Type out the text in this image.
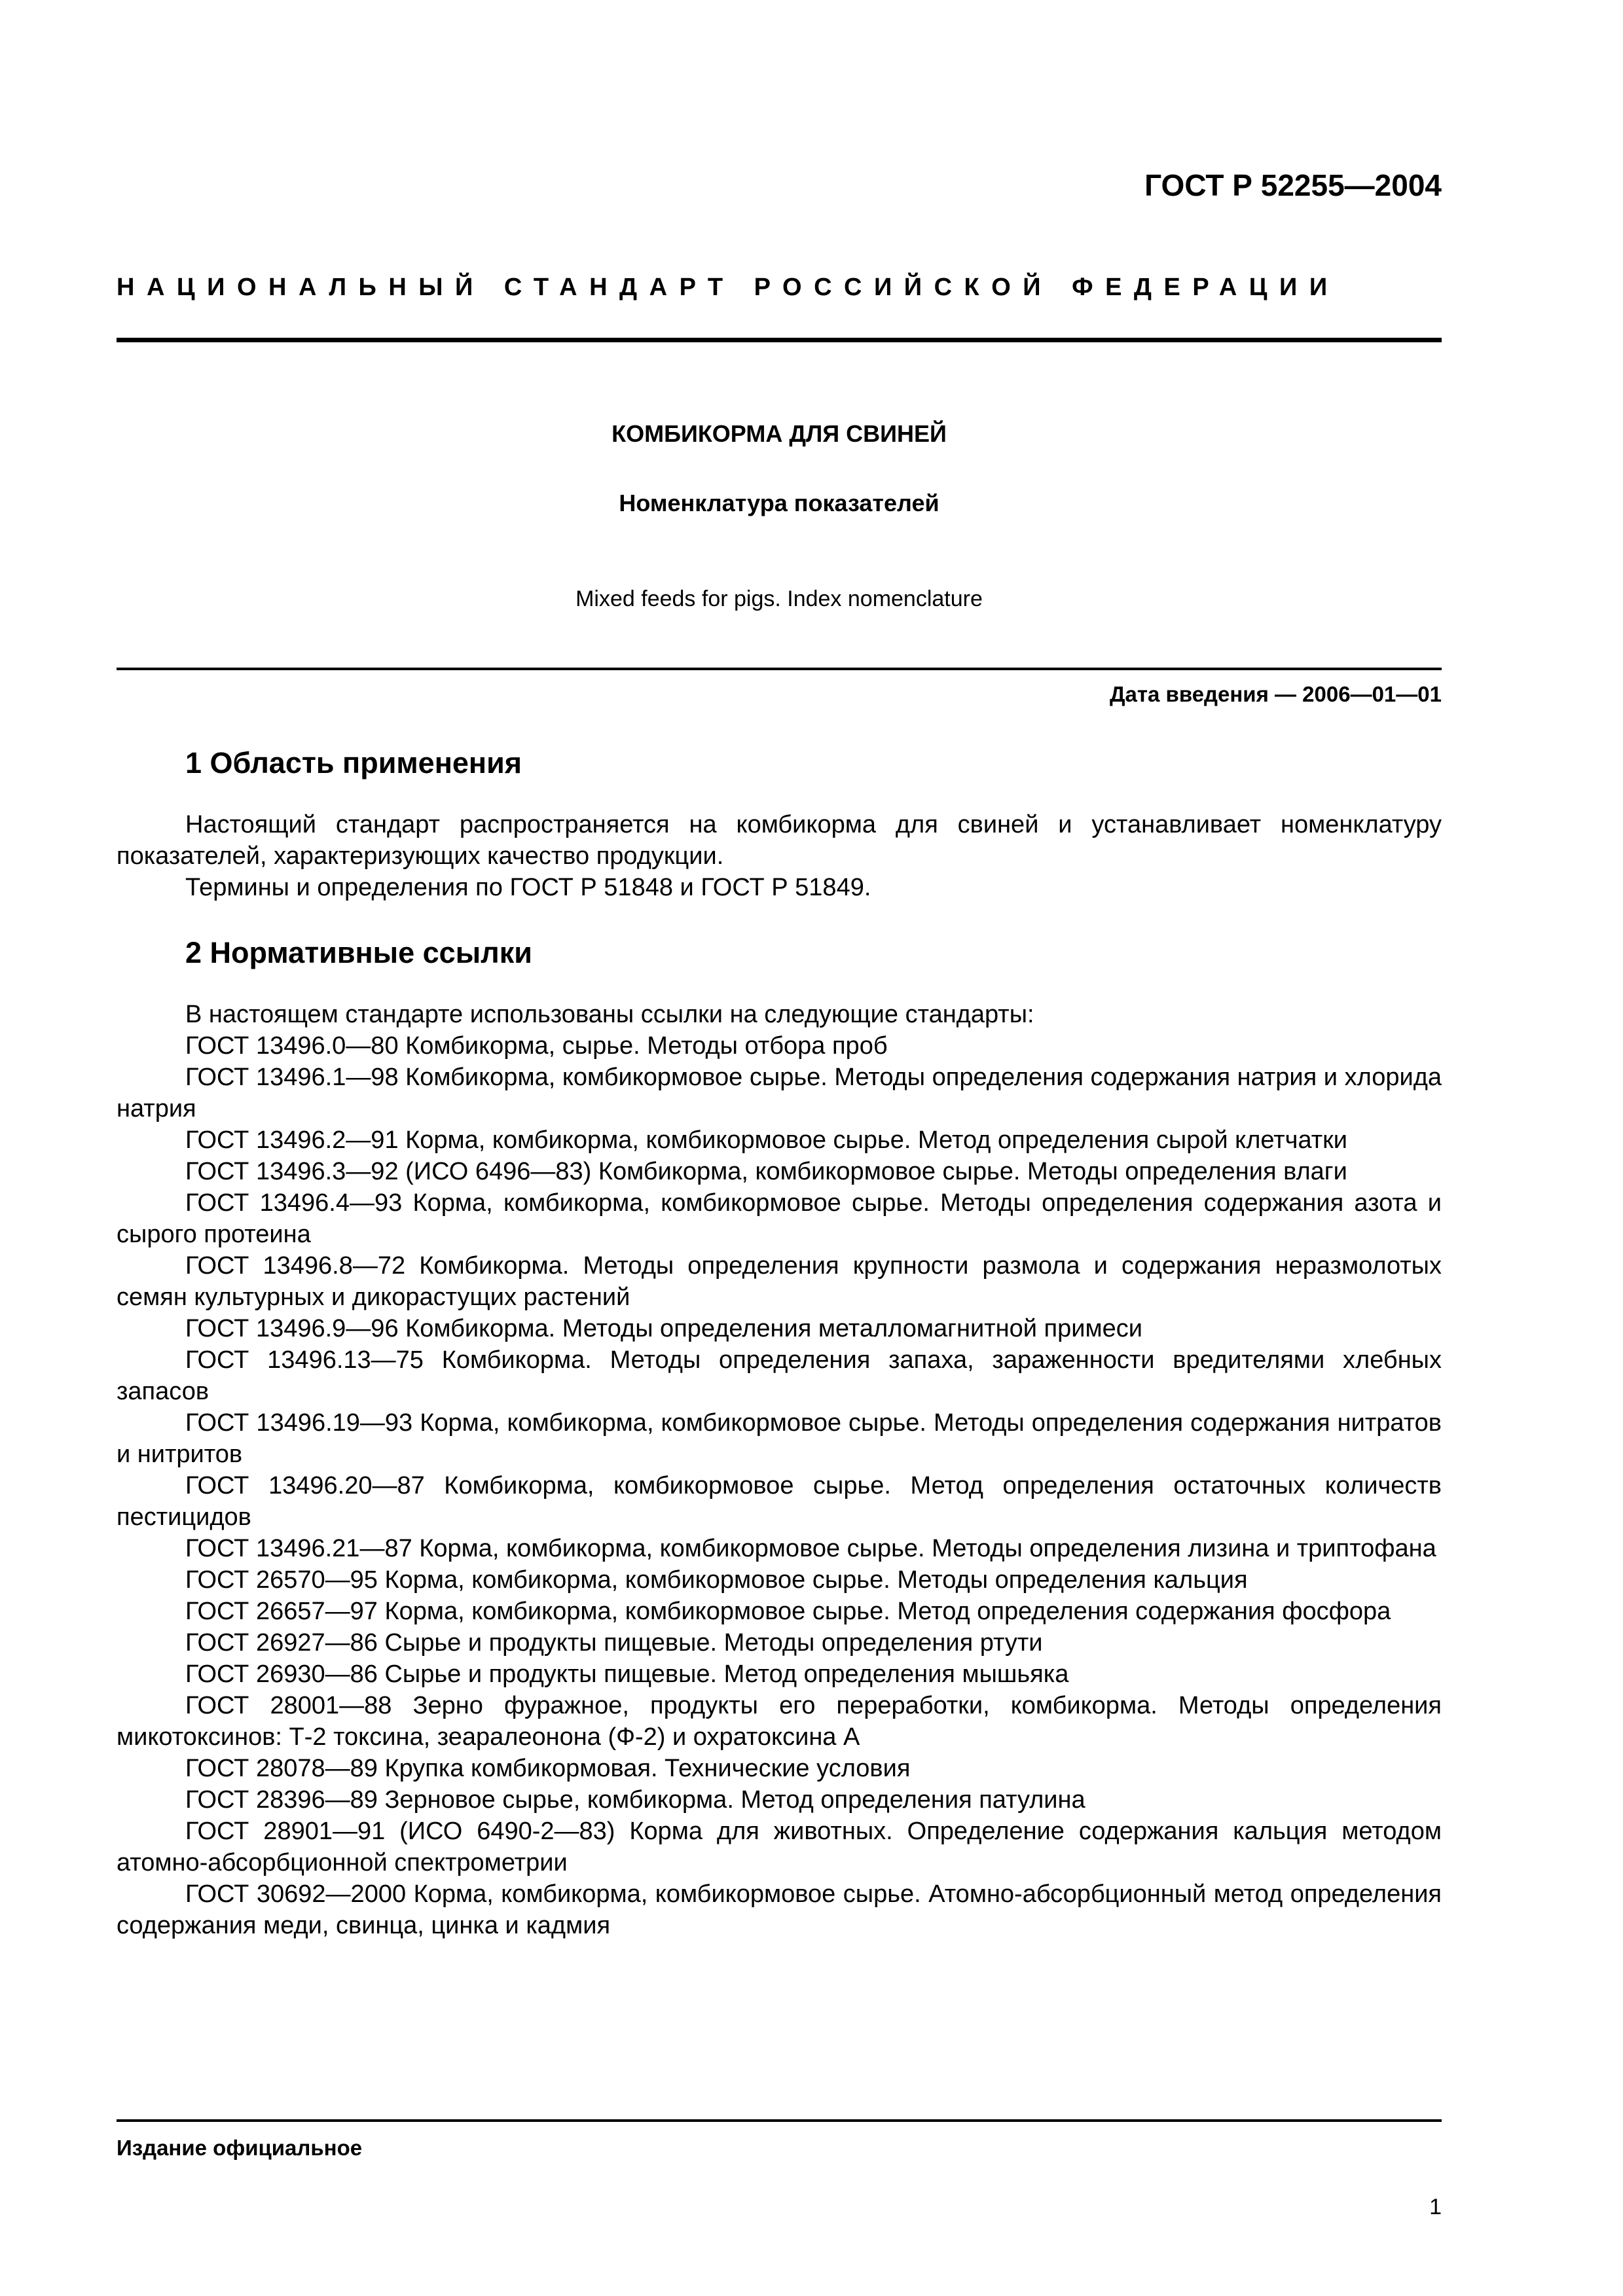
ГОСТ Р 52255—2004
НАЦИОНАЛЬНЫЙ СТАНДАРТ РОССИЙСКОЙ ФЕДЕРАЦИИ
КОМБИКОРМА ДЛЯ СВИНЕЙ
Номенклатура показателей
Mixed feeds for pigs. Index nomenclature
Дата введения — 2006—01—01
1 Область применения

Настоящий стандарт распространяется на комбикорма для свиней и устанавливает номенклатуру показателей, характеризующих качество продукции.

Термины и определения по ГОСТ Р 51848 и ГОСТ Р 51849.

2 Нормативные ссылки

В настоящем стандарте использованы ссылки на следующие стандарты:

ГОСТ 13496.0—80 Комбикорма, сырье. Методы отбора проб

ГОСТ 13496.1—98 Комбикорма, комбикормовое сырье. Методы определения содержания натрия и хлорида натрия

ГОСТ 13496.2—91 Корма, комбикорма, комбикормовое сырье. Метод определения сырой клетчатки

ГОСТ 13496.3—92 (ИСО 6496—83) Комбикорма, комбикормовое сырье. Методы определения влаги

ГОСТ 13496.4—93 Корма, комбикорма, комбикормовое сырье. Методы определения содержания азота и сырого протеина

ГОСТ 13496.8—72 Комбикорма. Методы определения крупности размола и содержания неразмолотых семян культурных и дикорастущих растений

ГОСТ 13496.9—96 Комбикорма. Методы определения металломагнитной примеси

ГОСТ 13496.13—75 Комбикорма. Методы определения запаха, зараженности вредителями хлебных запасов

ГОСТ 13496.19—93 Корма, комбикорма, комбикормовое сырье. Методы определения содержания нитратов и нитритов

ГОСТ 13496.20—87 Комбикорма, комбикормовое сырье. Метод определения остаточных количеств пестицидов

ГОСТ 13496.21—87 Корма, комбикорма, комбикормовое сырье. Методы определения лизина и триптофана

ГОСТ 26570—95 Корма, комбикорма, комбикормовое сырье. Методы определения кальция

ГОСТ 26657—97 Корма, комбикорма, комбикормовое сырье. Метод определения содержания фосфора

ГОСТ 26927—86 Сырье и продукты пищевые. Методы определения ртути

ГОСТ 26930—86 Сырье и продукты пищевые. Метод определения мышьяка

ГОСТ 28001—88 Зерно фуражное, продукты его переработки, комбикорма. Методы определения микотоксинов: Т-2 токсина, зеаралеонона (Ф-2) и охратоксина А

ГОСТ 28078—89 Крупка комбикормовая. Технические условия

ГОСТ 28396—89 Зерновое сырье, комбикорма. Метод определения патулина

ГОСТ 28901—91 (ИСО 6490-2—83) Корма для животных. Определение содержания кальция методом атомно-абсорбционной спектрометрии

ГОСТ 30692—2000 Корма, комбикорма, комбикормовое сырье. Атомно-абсорбционный метод определения содержания меди, свинца, цинка и кадмия

Издание официальное
1
